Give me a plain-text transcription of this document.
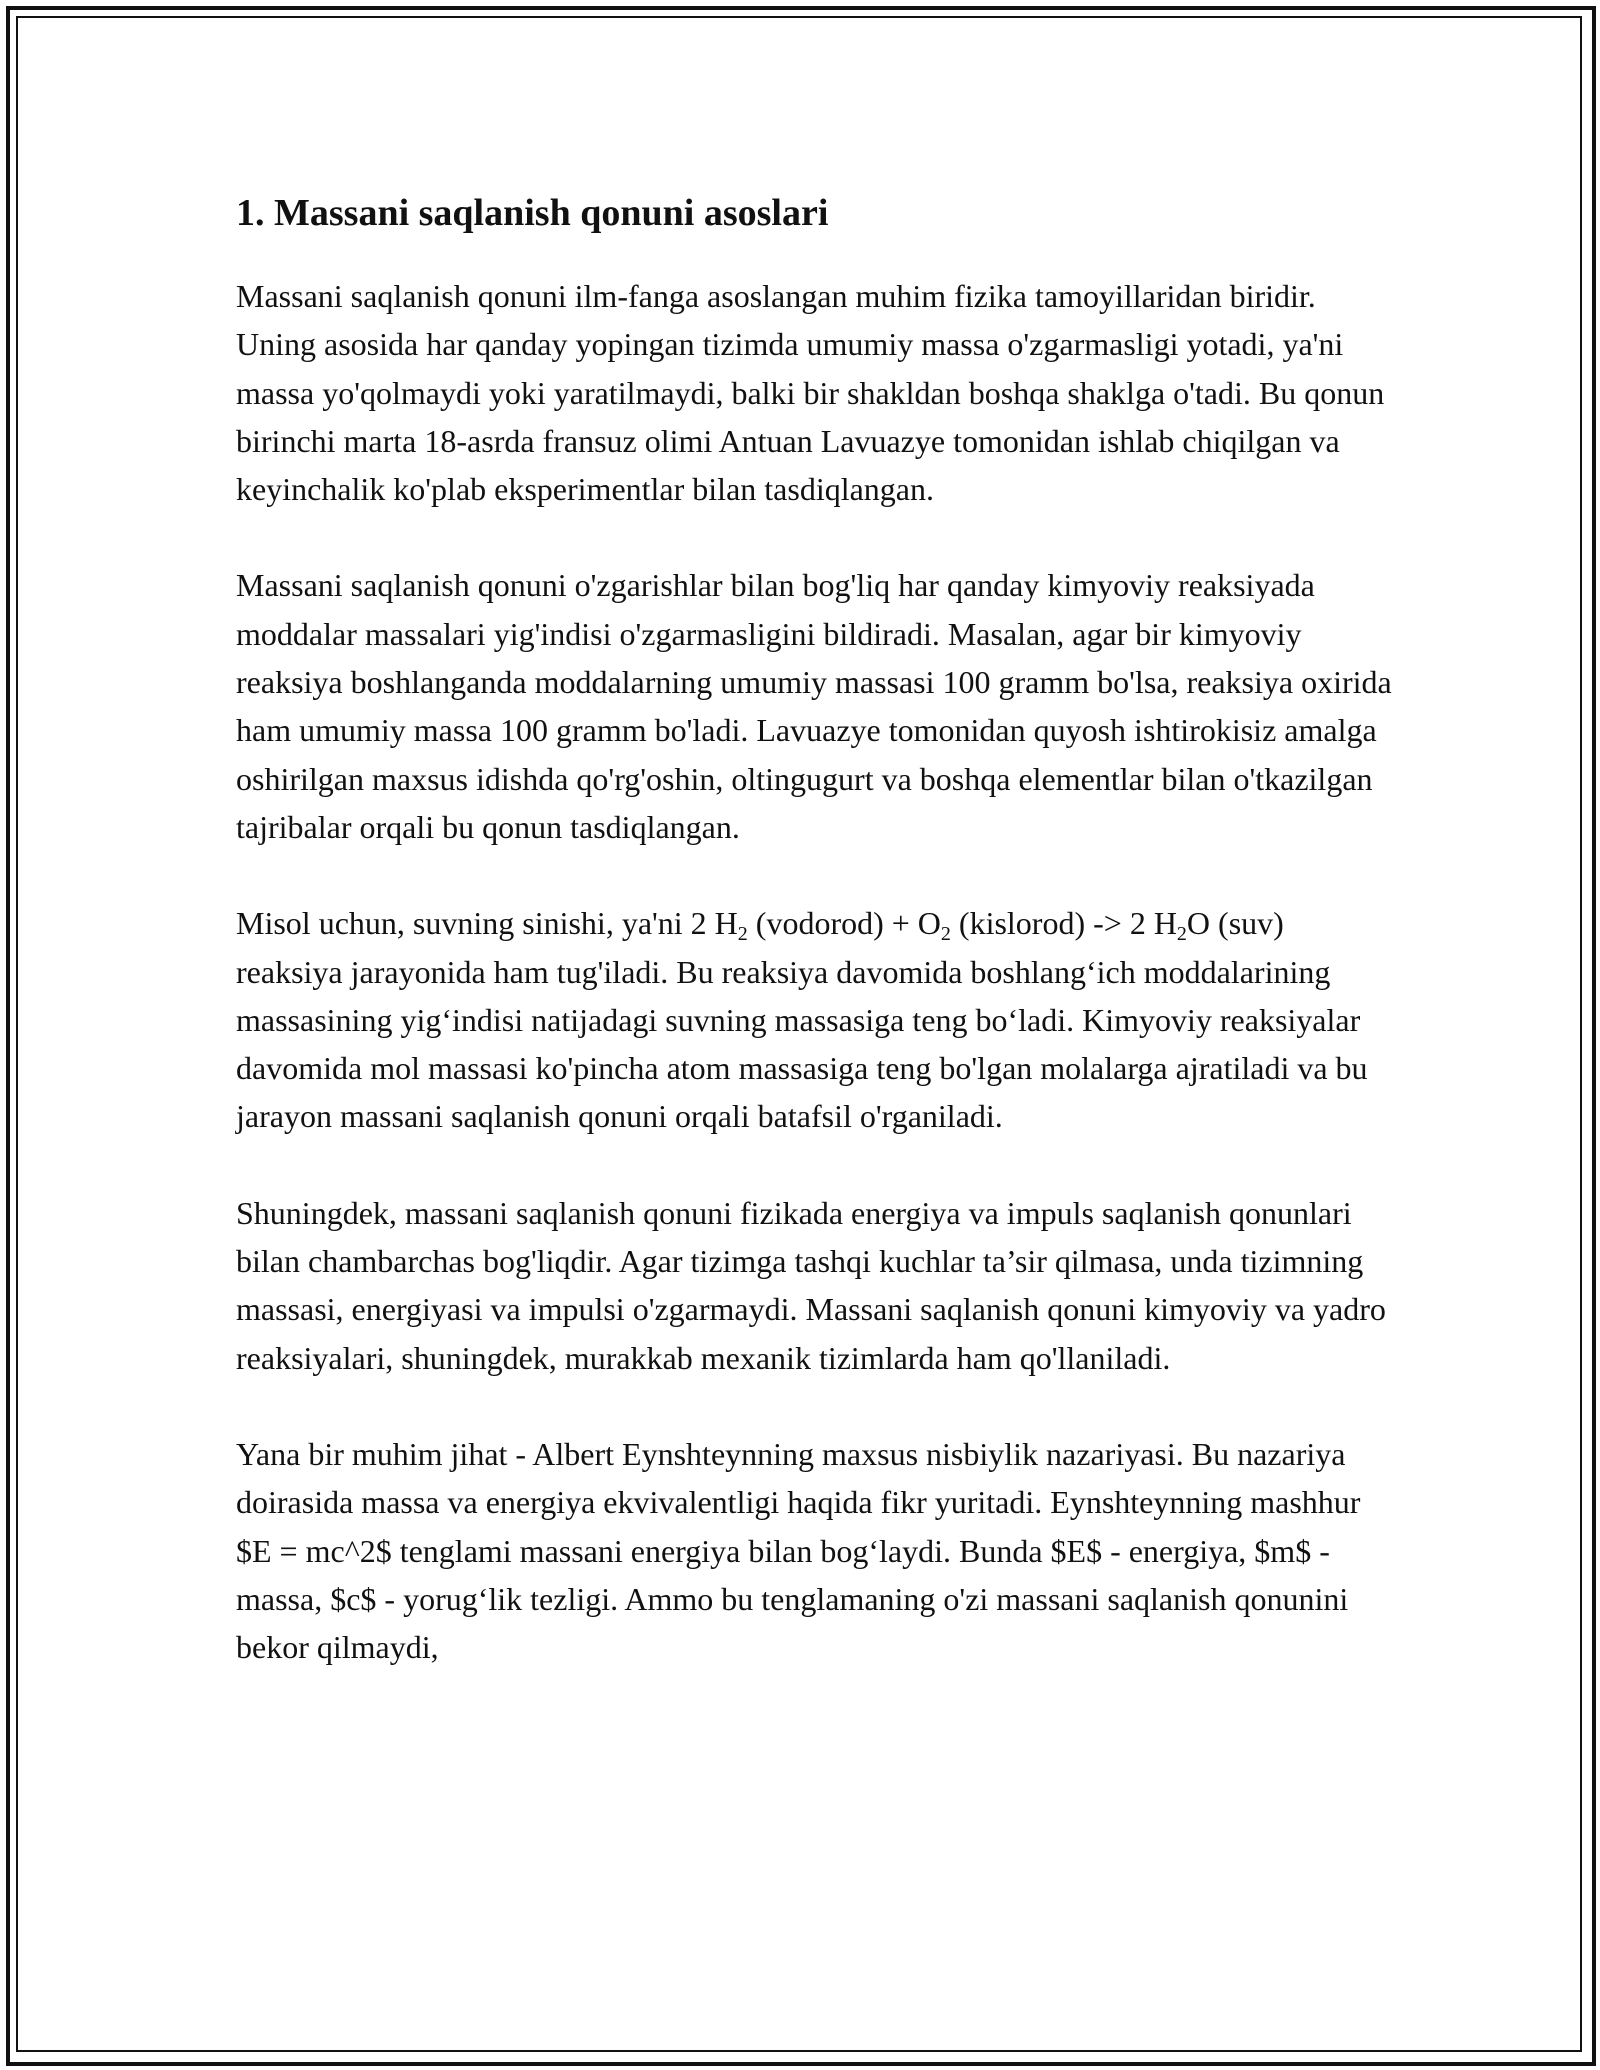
1. Massani saqlanish qonuni asoslari

Massani saqlanish qonuni ilm-fanga asoslangan muhim fizika tamoyillaridan biridir. Uning asosida har qanday yopingan tizimda umumiy massa o'zgarmasligi yotadi, ya'ni massa yo'qolmaydi yoki yaratilmaydi, balki bir shakldan boshqa shaklga o'tadi. Bu qonun birinchi marta 18-asrda fransuz olimi Antuan Lavuazye tomonidan ishlab chiqilgan va keyinchalik ko'plab eksperimentlar bilan tasdiqlangan.

Massani saqlanish qonuni o'zgarishlar bilan bog'liq har qanday kimyoviy reaksiyada moddalar massalari yig'indisi o'zgarmasligini bildiradi. Masalan, agar bir kimyoviy reaksiya boshlanganda moddalarning umumiy massasi 100 gramm bo'lsa, reaksiya oxirida ham umumiy massa 100 gramm bo'ladi. Lavuazye tomonidan quyosh ishtirokisiz amalga oshirilgan maxsus idishda qo'rg'oshin, oltingugurt va boshqa elementlar bilan o'tkazilgan tajribalar orqali bu qonun tasdiqlangan.

Misol uchun, suvning sinishi, ya'ni 2 $H_2$ (vodorod) + $O_2$ (kislorod) -> 2 $H_2O$ (suv) reaksiya jarayonida ham tug'iladi. Bu reaksiya davomida boshlang‘ich moddalarining massasining yig‘indisi natijadagi suvning massasiga teng bo‘ladi. Kimyoviy reaksiyalar davomida mol massasi ko'pincha atom massasiga teng bo'lgan molalarga ajratiladi va bu jarayon massani saqlanish qonuni orqali batafsil o'rganiladi.

Shuningdek, massani saqlanish qonuni fizikada energiya va impuls saqlanish qonunlari bilan chambarchas bog'liqdir. Agar tizimga tashqi kuchlar ta’sir qilmasa, unda tizimning massasi, energiyasi va impulsi o'zgarmaydi. Massani saqlanish qonuni kimyoviy va yadro reaksiyalari, shuningdek, murakkab mexanik tizimlarda ham qo'llaniladi.

Yana bir muhim jihat - Albert Eynshteynning maxsus nisbiylik nazariyasi. Bu nazariya doirasida massa va energiya ekvivalentligi haqida fikr yuritadi. Eynshteynning mashhur $E = mc^2$ tenglami massani energiya bilan bog‘laydi. Bunda $E$ - energiya, $m$ - massa, $c$ - yorug‘lik tezligi. Ammo bu tenglamaning o'zi massani saqlanish qonunini bekor qilmaydi,
